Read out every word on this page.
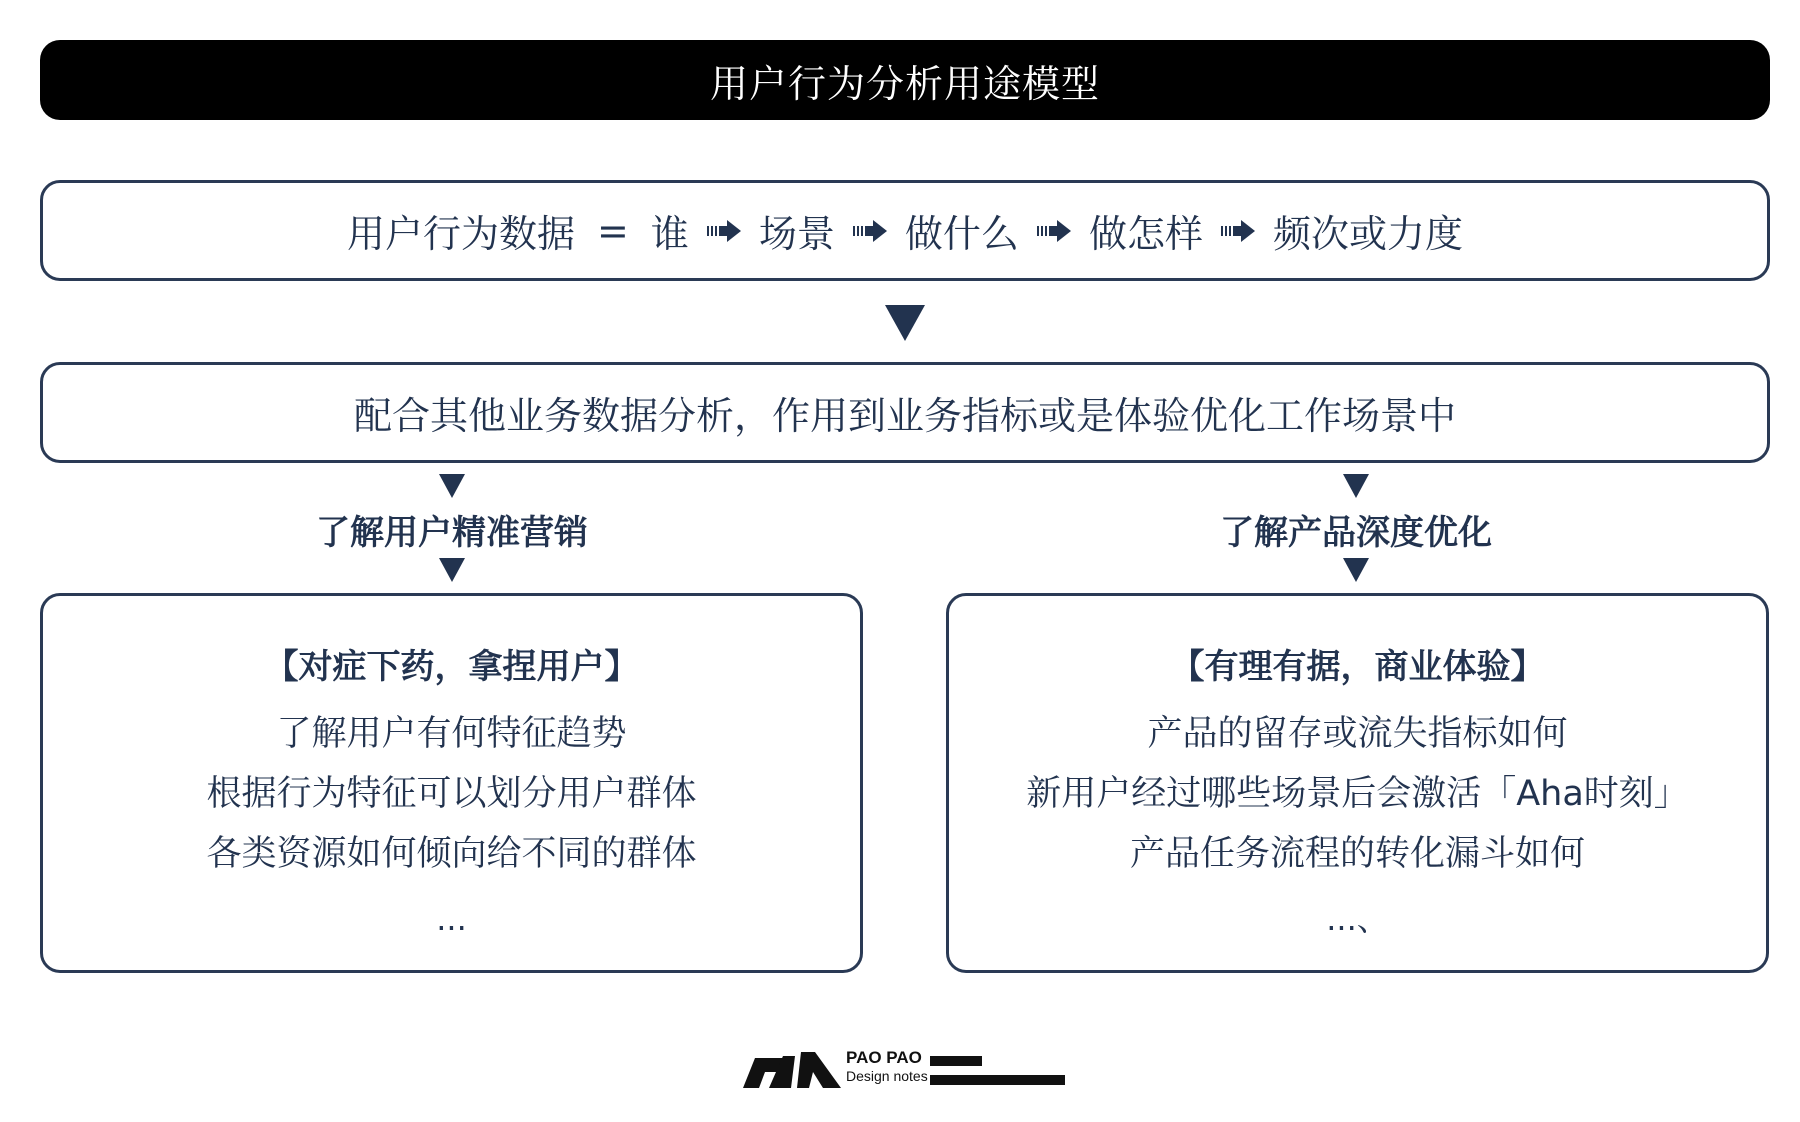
用户行为分析用途模型
用户行为数据 = 谁 场景 做什么 做怎样 频次或力度
配合其他业务数据分析，作用到业务指标或是体验优化工作场景中
了解用户精准营销	了解产品深度优化
【对症下药，拿捏用户】
了解用户有何特征趋势
根据行为特征可以划分用户群体
各类资源如何倾向给不同的群体
...
【有理有据，商业体验】
产品的留存或流失指标如何
新用户经过哪些场景后会激活「Aha时刻」
产品任务流程的转化漏斗如何
...、
PAO PAO
Design notes
